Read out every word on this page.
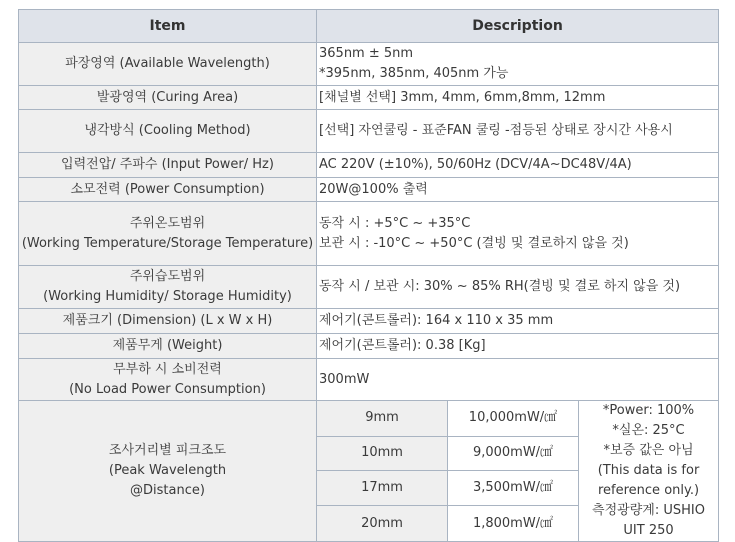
Item	Description		

파장영역 (Available Wavelength)	365nm ± 5nm
*395nm, 385nm, 405nm 가능		

발광영역 (Curing Area)	[채널별 선택] 3mm, 4mm, 6mm,8mm, 12mm		

냉각방식 (Cooling Method)	[선택] 자연쿨링 - 표준FAN 쿨링 -점등된 상태로 장시간 사용시		

입력전압/ 주파수 (Input Power/ Hz)	AC 220V (±10%), 50/60Hz (DCV/4A~DC48V/4A)		

소모전력 (Power Consumption)	20W@100% 출력		

주위온도범위
(Working Temperature/Storage Temperature)	동작 시 : +5°C ~ +35°C
보관 시 : -10°C ~ +50°C (결빙 및 결로하지 않을 것)		

주위습도범위
(Working Humidity/ Storage Humidity)	동작 시 / 보관 시: 30% ~ 85% RH(결빙 및 결로 하지 않을 것)		

제품크기 (Dimension) (L x W x H)	제어기(콘트롤러): 164 x 110 x 35 mm		

제품무게 (Weight)	제어기(콘트롤러): 0.38 [Kg]		

무부하 시 소비전력
(No Load Power Consumption)	300mW		

조사거리별 피크조도
(Peak Wavelength
@Distance)	9mm	10,000mW/㎠	*Power: 100%
*실온: 25°C
*보증 값은 아님
(This data is for reference only.)
측정광량계: USHIO UIT 250

	10mm	9,000mW/㎠	
	17mm	3,500mW/㎠	
	20mm	1,800mW/㎠	
